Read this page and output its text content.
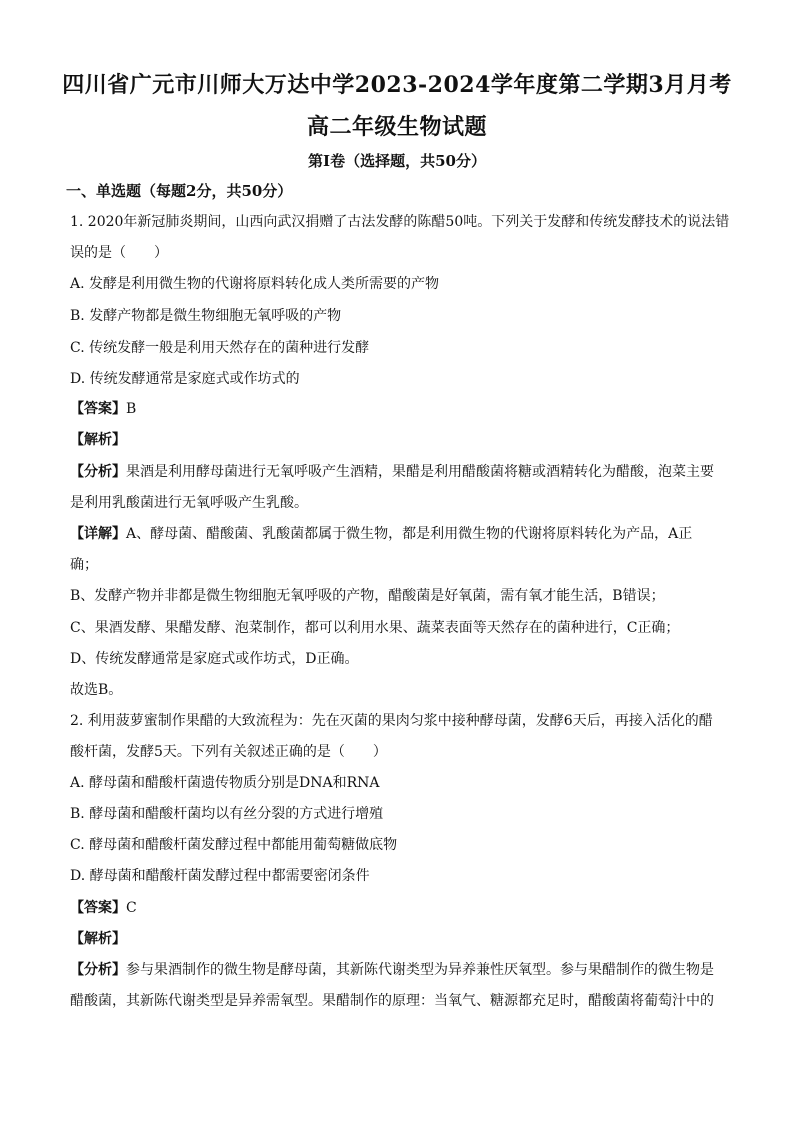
四川省广元市川师大万达中学2023-2024学年度第二学期3月月考
高二年级生物试题
第Ⅰ卷（选择题，共50分）
一、单选题（每题2分，共50分）
1. 2020年新冠肺炎期间，山西向武汉捐赠了古法发酵的陈醋50吨。下列关于发酵和传统发酵技术的说法错
误的是（　　）
A. 发酵是利用微生物的代谢将原料转化成人类所需要的产物
B. 发酵产物都是微生物细胞无氧呼吸的产物
C. 传统发酵一般是利用天然存在的菌种进行发酵
D. 传统发酵通常是家庭式或作坊式的
【答案】B
【解析】
【分析】果酒是利用酵母菌进行无氧呼吸产生酒精，果醋是利用醋酸菌将糖或酒精转化为醋酸，泡菜主要
是利用乳酸菌进行无氧呼吸产生乳酸。
【详解】A、酵母菌、醋酸菌、乳酸菌都属于微生物，都是利用微生物的代谢将原料转化为产品，A正
确；
B、发酵产物并非都是微生物细胞无氧呼吸的产物，醋酸菌是好氧菌，需有氧才能生活，B错误；
C、果酒发酵、果醋发酵、泡菜制作，都可以利用水果、蔬菜表面等天然存在的菌种进行，C正确；
D、传统发酵通常是家庭式或作坊式，D正确。
故选B。
2. 利用菠萝蜜制作果醋的大致流程为：先在灭菌的果肉匀浆中接种酵母菌，发酵6天后，再接入活化的醋
酸杆菌，发酵5天。下列有关叙述正确的是（　　）
A. 酵母菌和醋酸杆菌遗传物质分别是DNA和RNA
B. 酵母菌和醋酸杆菌均以有丝分裂的方式进行增殖
C. 酵母菌和醋酸杆菌发酵过程中都能用葡萄糖做底物
D. 酵母菌和醋酸杆菌发酵过程中都需要密闭条件
【答案】C
【解析】
【分析】参与果酒制作的微生物是酵母菌，其新陈代谢类型为异养兼性厌氧型。参与果醋制作的微生物是
醋酸菌，其新陈代谢类型是异养需氧型。果醋制作的原理：当氧气、糖源都充足时，醋酸菌将葡萄汁中的
